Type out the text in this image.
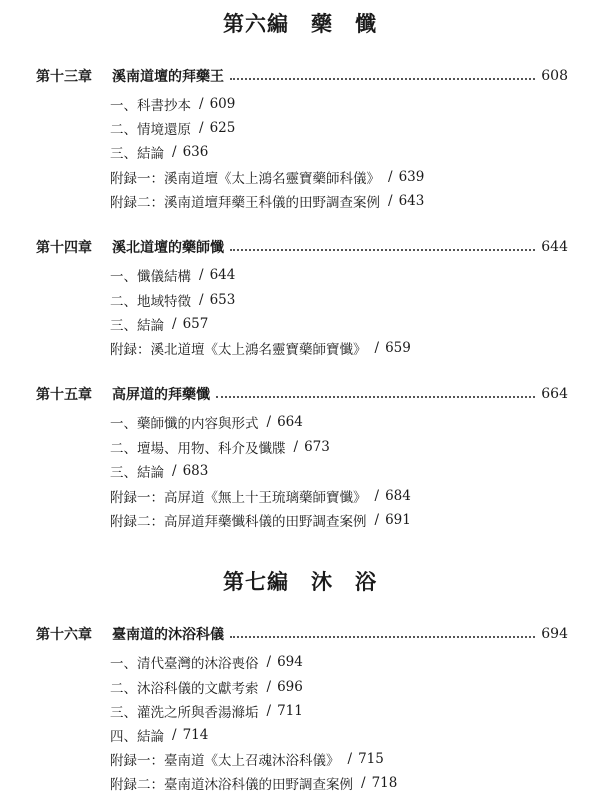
第六編　藥　懺
第十三章	溪南道壇的拜藥王	608
一、科書抄本 / 609
二、情境還原 / 625
三、結論 / 636
附録一：溪南道壇《太上鴻名靈寶藥師科儀》 / 639
附録二：溪南道壇拜藥王科儀的田野調查案例 / 643
第十四章	溪北道壇的藥師懺	644
一、懺儀結構 / 644
二、地域特徵 / 653
三、結論 / 657
附録：溪北道壇《太上鴻名靈寶藥師寶懺》 / 659
第十五章	高屏道的拜藥懺	664
一、藥師懺的内容與形式 / 664
二、壇場、用物、科介及懺牒 / 673
三、結論 / 683
附録一：高屏道《無上十王琉璃藥師寶懺》 / 684
附録二：高屏道拜藥懺科儀的田野調查案例 / 691
第七編　沐　浴
第十六章	臺南道的沐浴科儀	694
一、清代臺灣的沐浴喪俗 / 694
二、沐浴科儀的文獻考索 / 696
三、灌洗之所與香湯滌垢 / 711
四、結論 / 714
附録一：臺南道《太上召魂沐浴科儀》 / 715
附録二：臺南道沐浴科儀的田野調查案例 / 718
